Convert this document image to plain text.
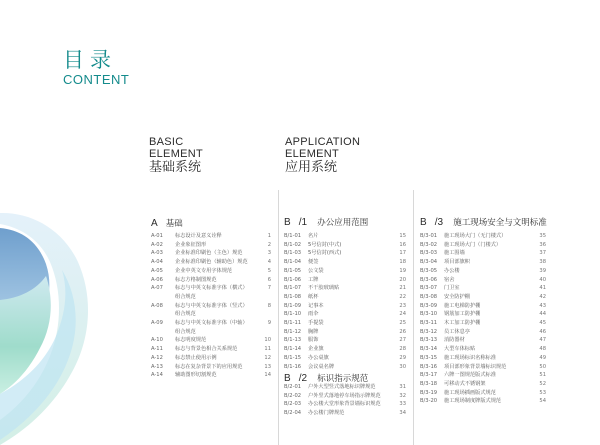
目录
CONTENT
BASIC
ELEMENT
基础系统
APPLICATION
ELEMENT
应用系统
A 基础
A-01 标志设计及意义诠释	1
A-02 企业象征图形	2
A-03 企业标准印刷色（主色）规范	3
A-04 企业标准印刷色（辅助色）规范	4
A-05 企业中英文专用字体规范	5
A-06 标志方格制图规范	6
A-07 标志与中英文标准字体（横式）	7
组合规范
A-08 标志与中英文标准字体（竖式）	8
组合规范
A-09 标志与中英文标准字体（中轴）	9
组合规范
A-10 标志明度规范	10
A-11 标志与背景色相合关系规范	11
A-12 标志禁止使用示例	12
A-13 标志在复杂背景下的应用规范	13
A-14 辅助图形切割规范	14
B /1 办公应用范围
B/1-01 名片	15
B/1-02 5号信封(中式)	16
B/1-03 5号信封(西式)	17
B/1-04 便签	18
B/1-05 公文袋	19
B/1-06 工牌	20
B/1-07 不干胶玻璃贴	21
B/1-08 纸杯	22
B/1-09 记事本	23
B/1-10 雨伞	24
B/1-11 手提袋	25
B/1-12 胸牌	26
B/1-13 服饰	27
B/1-14 企业旗	28
B/1-15 办公桌旗	29
B/1-16 会议桌名牌	30
B /2 标识指示规范
B/2-01 户外大型竖式落地标识牌规范	31
B/2-02 户外竖式落地停车场指示牌规范	32
B/2-03 办公楼大堂形象背景墙标识规范	33
B/2-04 办公楼门牌规范	34
B /3 施工现场安全与文明标准
B/3-01 施工现场大门（无门楼式）	35
B/3-02 施工现场大门（门楼式）	36
B/3-03 施工围墙	37
B/3-04 项目部旗帜	38
B/3-05 办公楼	39
B/3-06 宿舍	40
B/3-07 门卫室	41
B/3-08 安全防护棚	42
B/3-09 施工电梯防护棚	43
B/3-10 钢筋加工防护棚	44
B/3-11 木工加工防护棚	45
B/3-12 员工休息亭	46
B/3-13 消防器材	47
B/3-14 大型车体标贴	48
B/3-15 施工现场标识名称标准	49
B/3-16 项目部形象背景墙标识规范	50
B/3-17 六牌一图规范版式标准	51
B/3-18 可移动式不锈钢架	52
B/3-19 施工现场插画版式规范	53
B/3-20 施工现场制度牌版式规范	54
